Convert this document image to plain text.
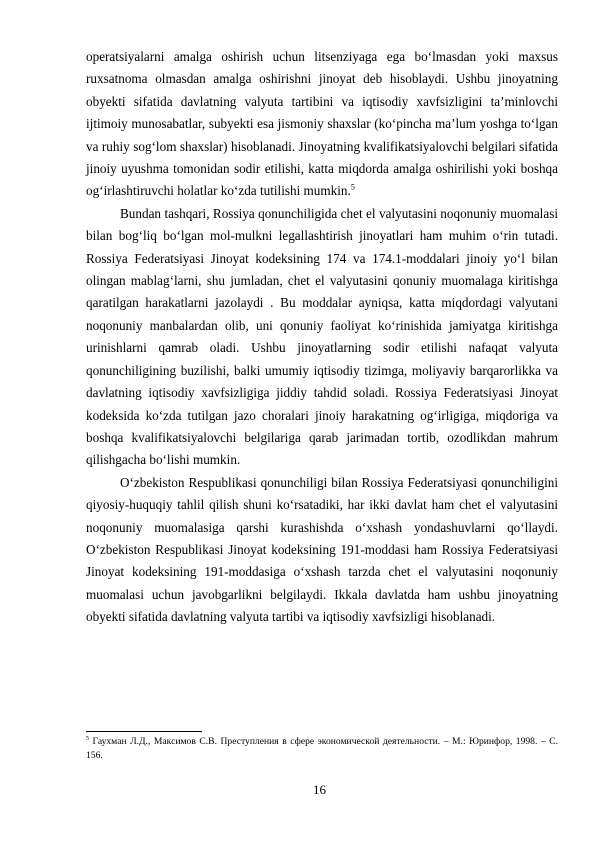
operatsiyalarni amalga oshirish uchun litsenziyaga ega bo‘lmasdan yoki maxsus ruxsatnoma olmasdan amalga oshirishni jinoyat deb hisoblaydi. Ushbu jinoyatning obyekti sifatida davlatning valyuta tartibini va iqtisodiy xavfsizligini ta’minlovchi ijtimoiy munosabatlar, subyekti esa jismoniy shaxslar (ko‘pincha ma’lum yoshga to‘lgan va ruhiy sog‘lom shaxslar) hisoblanadi. Jinoyatning kvalifikatsiyalovchi belgilari sifatida jinoiy uyushma tomonidan sodir etilishi, katta miqdorda amalga oshirilishi yoki boshqa og‘irlashtiruvchi holatlar ko‘zda tutilishi mumkin.$^5$

Bundan tashqari, Rossiya qonunchiligida chet el valyutasini noqonuniy muomalasi bilan bog‘liq bo‘lgan mol-mulkni legallashtirish jinoyatlari ham muhim o‘rin tutadi. Rossiya Federatsiyasi Jinoyat kodeksining 174 va 174.1-moddalari jinoiy yo‘l bilan olingan mablag‘larni, shu jumladan, chet el valyutasini qonuniy muomalaga kiritishga qaratilgan harakatlarni jazolaydi . Bu moddalar ayniqsa, katta miqdordagi valyutani noqonuniy manbalardan olib, uni qonuniy faoliyat ko‘rinishida jamiyatga kiritishga urinishlarni qamrab oladi. Ushbu jinoyatlarning sodir etilishi nafaqat valyuta qonunchiligining buzilishi, balki umumiy iqtisodiy tizimga, moliyaviy barqarorlikka va davlatning iqtisodiy xavfsizligiga jiddiy tahdid soladi. Rossiya Federatsiyasi Jinoyat kodeksida ko‘zda tutilgan jazo choralari jinoiy harakatning og‘irligiga, miqdoriga va boshqa kvalifikatsiyalovchi belgilariga qarab jarimadan tortib, ozodlikdan mahrum qilishgacha bo‘lishi mumkin.

O‘zbekiston Respublikasi qonunchiligi bilan Rossiya Federatsiyasi qonunchiligini qiyosiy-huquqiy tahlil qilish shuni ko‘rsatadiki, har ikki davlat ham chet el valyutasini noqonuniy muomalasiga qarshi kurashishda o‘xshash yondashuvlarni qo‘llaydi. O‘zbekiston Respublikasi Jinoyat kodeksining 191-moddasi ham Rossiya Federatsiyasi Jinoyat kodeksining 191-moddasiga o‘xshash tarzda chet el valyutasini noqonuniy muomalasi uchun javobgarlikni belgilaydi. Ikkala davlatda ham ushbu jinoyatning obyekti sifatida davlatning valyuta tartibi va iqtisodiy xavfsizligi hisoblanadi.

$^5$ Гаухман Л.Д., Максимов С.В. Преступления в сфере экономической деятельности. – М.: Юринфор, 1998. – С. 156.
16
